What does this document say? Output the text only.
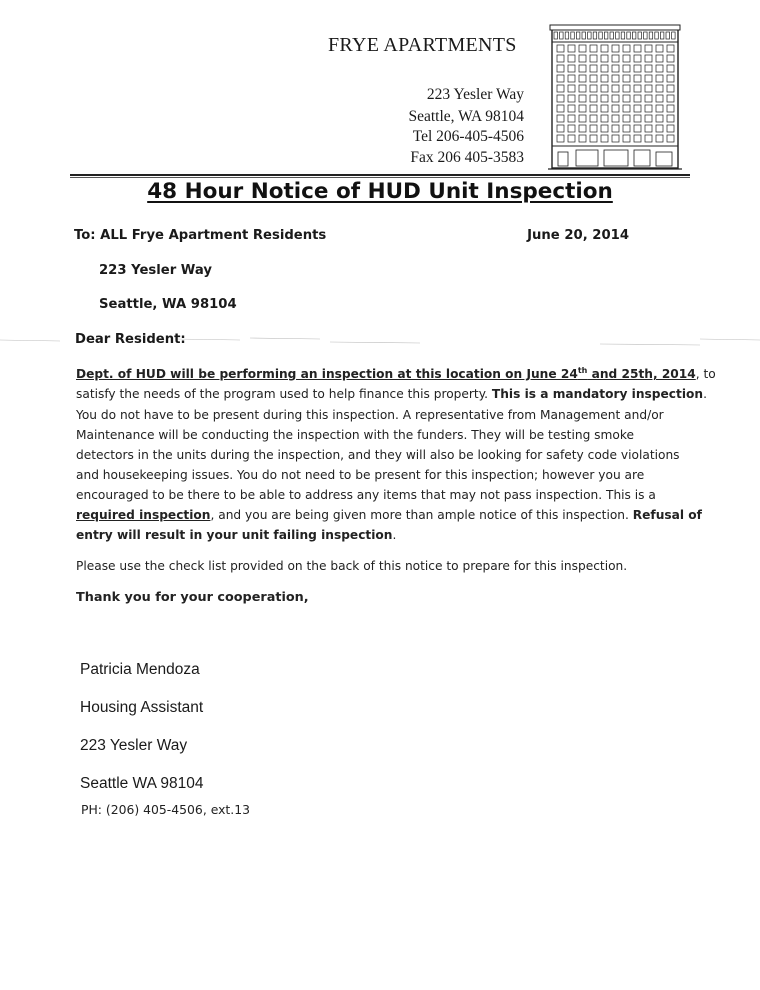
FRYE APARTMENTS
223 Yesler Way
Seattle, WA 98104
Tel 206-405-4506
Fax 206 405-3583
48 Hour Notice of HUD Unit Inspection
To: ALL Frye Apartment Residents	June 20, 2014
223 Yesler Way
Seattle, WA 98104
Dear Resident:
Dept. of HUD will be performing an inspection at this location on June 24th and 25th, 2014, to
satisfy the needs of the program used to help finance this property. This is a mandatory inspection.
You do not have to be present during this inspection. A representative from Management and/or
Maintenance will be conducting the inspection with the funders. They will be testing smoke
detectors in the units during the inspection, and they will also be looking for safety code violations
and housekeeping issues. You do not need to be present for this inspection; however you are
encouraged to be there to be able to address any items that may not pass inspection. This is a
required inspection, and you are being given more than ample notice of this inspection. Refusal of
entry will result in your unit failing inspection.
Please use the check list provided on the back of this notice to prepare for this inspection.
Thank you for your cooperation,
Patricia Mendoza
Housing Assistant
223 Yesler Way
Seattle WA 98104
PH: (206) 405-4506, ext.13
